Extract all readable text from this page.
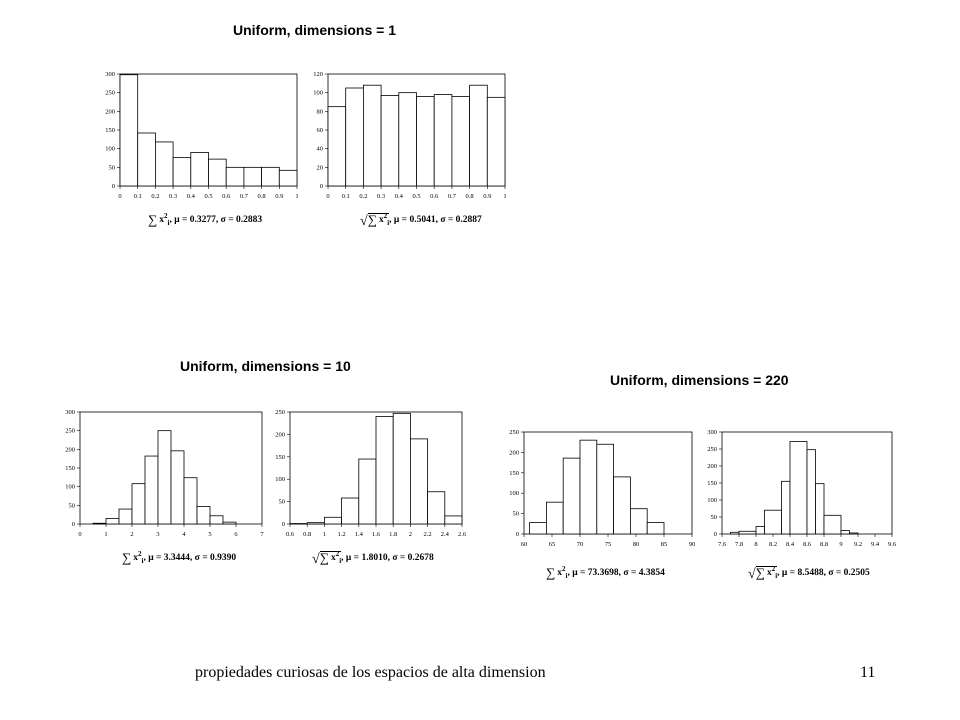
Uniform, dimensions = 1
Uniform, dimensions = 10
Uniform, dimensions = 220
0 0.1 0.2 0.3 0.4 0.5 0.6 0.7 0.8 0.9 1
0
50
100
150
200
250
300
0 0.1 0.2 0.3 0.4 0.5 0.6 0.7 0.8 0.9 1
0
20
40
60
80
100
120
0	1	2	3	4	5	6	7
0
50
100
150
200
250
300
0.6 0.8 1 1.2 1.4 1.6 1.8 2 2.2 2.4 2.6
0
50
100
150
200
250
60	65	70	75	80	85	90
0
50
100
150
200
250
7.6 7.8 8 8.2 8.4 8.6 8.8 9 9.2 9.4 9.6
0
50
100
150
200
250
300
∑ $x^2_i$, μ = 0.3277, σ = 0.2883	√∑ $x^2_i$, μ = 0.5041, σ = 0.2887
∑ $x^2_i$, μ = 3.3444, σ = 0.9390	√∑ $x^2_i$, μ = 1.8010, σ = 0.2678
∑ $x^2_i$, μ = 73.3698, σ = 4.3854	√∑ $x^2_i$, μ = 8.5488, σ = 0.2505
propiedades curiosas de los espacios de alta dimension	11
